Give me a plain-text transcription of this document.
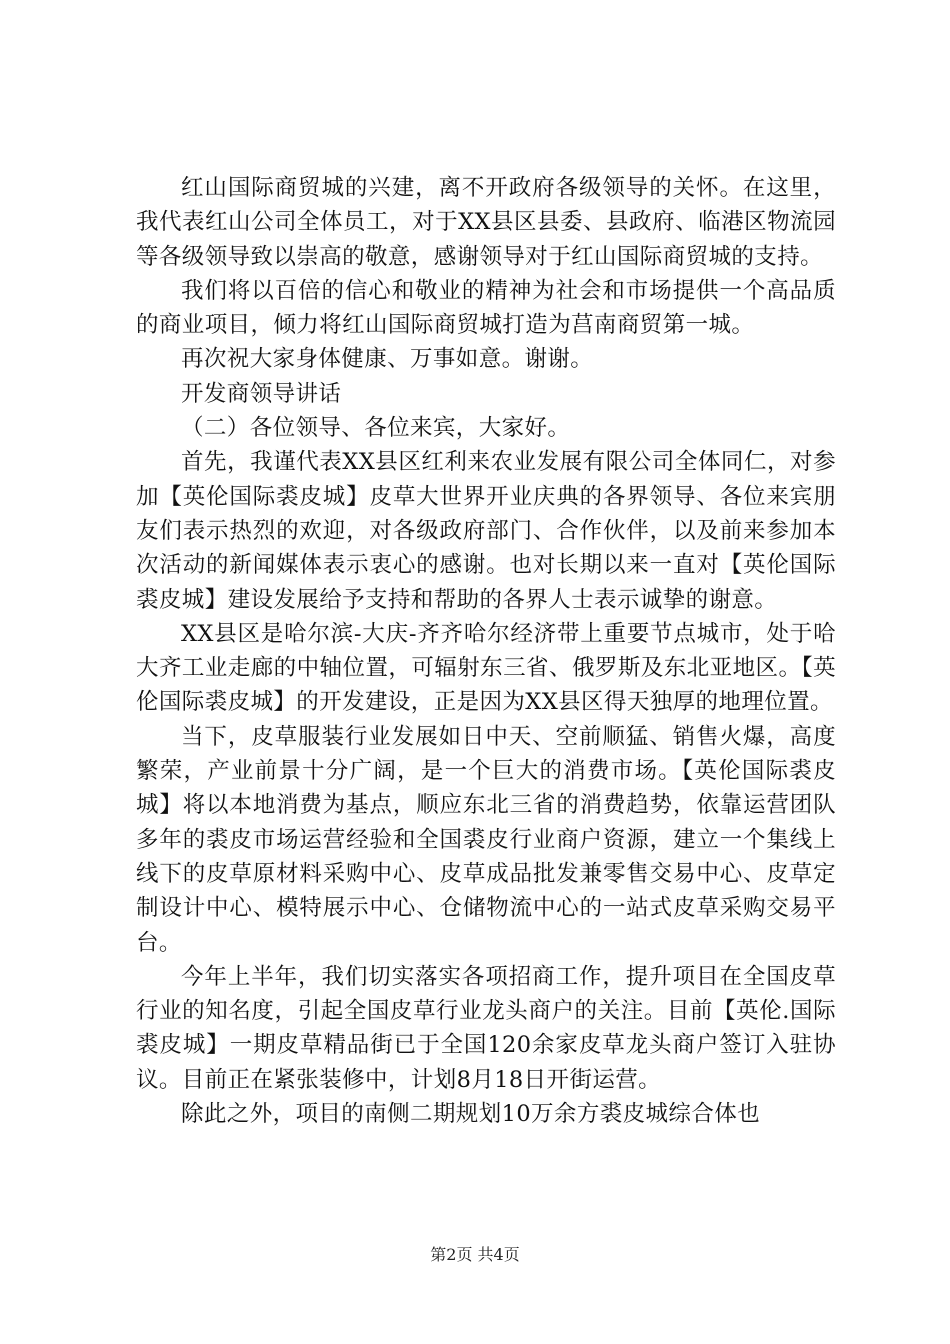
红山国际商贸城的兴建，离不开政府各级领导的关怀。在这里，我代表红山公司全体员工，对于XX县区县委、县政府、临港区物流园等各级领导致以崇高的敬意，感谢领导对于红山国际商贸城的支持。

我们将以百倍的信心和敬业的精神为社会和市场提供一个高品质的商业项目，倾力将红山国际商贸城打造为莒南商贸第一城。

再次祝大家身体健康、万事如意。谢谢。

开发商领导讲话

（二）各位领导、各位来宾，大家好。

首先，我谨代表XX县区红利来农业发展有限公司全体同仁，对参加【英伦国际裘皮城】皮草大世界开业庆典的各界领导、各位来宾朋友们表示热烈的欢迎，对各级政府部门、合作伙伴，以及前来参加本次活动的新闻媒体表示衷心的感谢。也对长期以来一直对【英伦国际裘皮城】建设发展给予支持和帮助的各界人士表示诚挚的谢意。

XX县区是哈尔滨-大庆-齐齐哈尔经济带上重要节点城市，处于哈大齐工业走廊的中轴位置，可辐射东三省、俄罗斯及东北亚地区。【英伦国际裘皮城】的开发建设，正是因为XX县区得天独厚的地理位置。

当下，皮草服装行业发展如日中天、空前顺猛、销售火爆，高度繁荣，产业前景十分广阔，是一个巨大的消费市场。【英伦国际裘皮城】将以本地消费为基点，顺应东北三省的消费趋势，依靠运营团队多年的裘皮市场运营经验和全国裘皮行业商户资源，建立一个集线上线下的皮草原材料采购中心、皮草成品批发兼零售交易中心、皮草定制设计中心、模特展示中心、仓储物流中心的一站式皮草采购交易平台。

今年上半年，我们切实落实各项招商工作，提升项目在全国皮草行业的知名度，引起全国皮草行业龙头商户的关注。目前【英伦.国际裘皮城】一期皮草精品街已于全国120余家皮草龙头商户签订入驻协议。目前正在紧张装修中，计划8月18日开街运营。

除此之外，项目的南侧二期规划10万余方裘皮城综合体也

第2页 共4页
